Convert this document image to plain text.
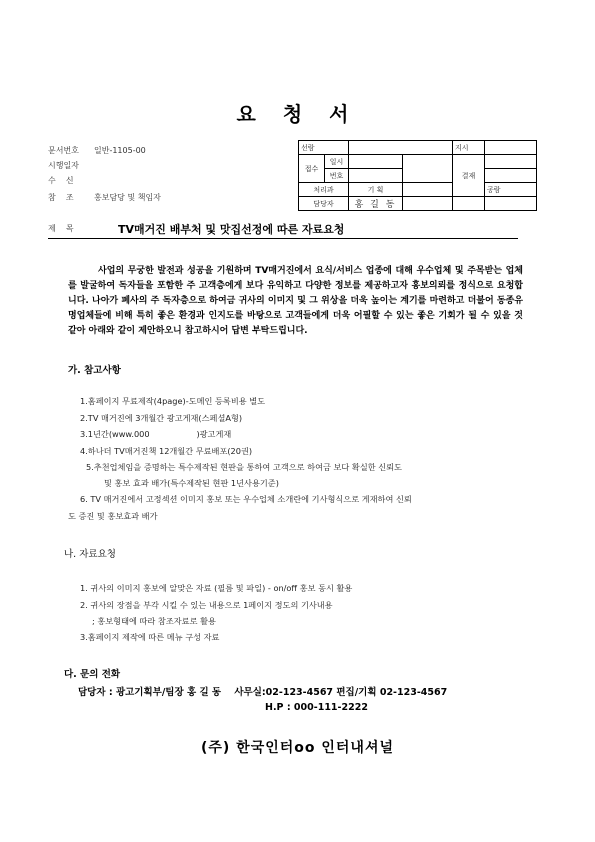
요 청 서
문서번호 일반-1105-00
시행일자
수    신
참    조	홍보담당 및 책임자
선람				지시	
접수	일시			결재	
	번호				
처리과		기 획			공람
담당자		홍 길 동			
제    목	TV매거진 배부처 및 맛집선정에 따른 자료요청

사업의 무궁한 발전과 성공을 기원하며 TV매거진에서 요식/서비스 업종에 대해 우수업체 및 주목받는 업체를 발굴하여 독자들을 포함한 주 고객층에게 보다 유익하고 다양한 정보를 제공하고자 홍보의뢰를 정식으로 요청합니다. 나아가 폐사의 주 독자층으로 하여금 귀사의 이미지 및 그 위상을 더욱 높이는 계기를 마련하고 더불어 동종유명업체들에 비해 특히 좋은 환경과 인지도를 바탕으로 고객들에게 더욱 어필할 수 있는 좋은 기회가 될 수 있을 것 같아 아래와 같이 제안하오니 참고하시어 답변 부탁드립니다.

가. 참고사항
1.홈페이지 무료제작(4page)-도메인 등록비용 별도
2.TV 매거진에 3개월간 광고게재(스페셜A형)
3.1년간(www.000                  )광고게재
4.하나더 TV매거진책 12개월간 무료배포(20권)
5.추천업체임을 증명하는 특수제작된 현판을 통하여 고객으로 하여금 보다 확실한 신뢰도
및 홍보 효과 배가(특수제작된 현판 1년사용기준)
6. TV 매거진에서 고정섹션 이미지 홍보 또는 우수업체 소개란에 기사형식으로 게재하여 신뢰
도 증진 및 홍보효과 배가
나. 자료요청
1. 귀사의 이미지 홍보에 알맞은 자료 (필름 및 파일) - on/off 홍보 동시 활용
2. 귀사의 장점을 부각 시킬 수 있는 내용으로 1페이지 정도의 기사내용
; 홍보형태에 따라 참조자료로 활용
3.홈페이지 제작에 따른 메뉴 구성 자료
다. 문의 전화
담당자 : 광고기획부/팀장 홍 길 동    사무실:02-123-4567 편집/기획 02-123-4567
H.P : 000-111-2222
(주) 한국인터oo 인터내셔널
